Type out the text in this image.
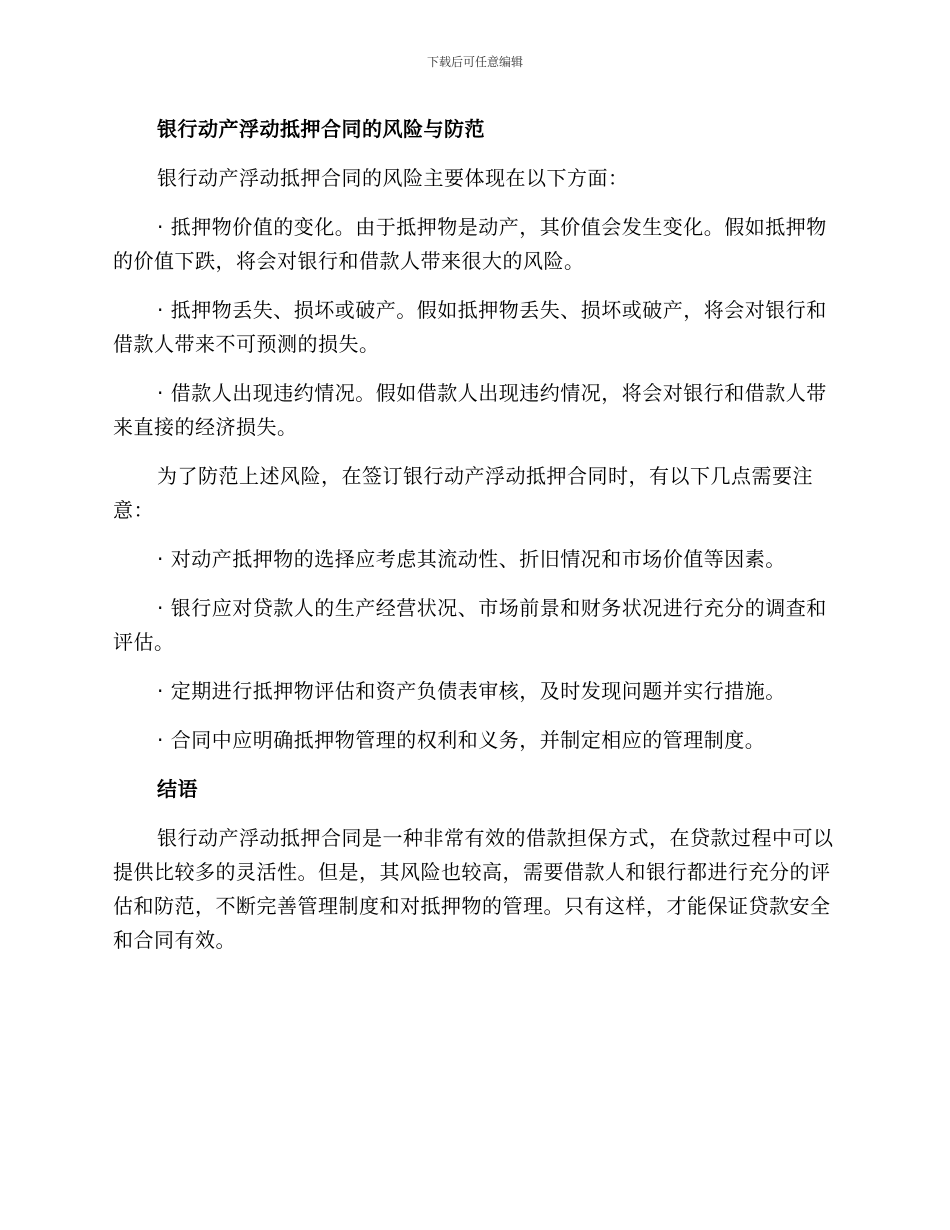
下载后可任意编辑

银行动产浮动抵押合同的风险与防范

银行动产浮动抵押合同的风险主要体现在以下方面：

· 抵押物价值的变化。由于抵押物是动产，其价值会发生变化。假如抵押物的价值下跌，将会对银行和借款人带来很大的风险。

· 抵押物丢失、损坏或破产。假如抵押物丢失、损坏或破产，将会对银行和借款人带来不可预测的损失。

· 借款人出现违约情况。假如借款人出现违约情况，将会对银行和借款人带来直接的经济损失。

为了防范上述风险，在签订银行动产浮动抵押合同时，有以下几点需要注意：

· 对动产抵押物的选择应考虑其流动性、折旧情况和市场价值等因素。

· 银行应对贷款人的生产经营状况、市场前景和财务状况进行充分的调查和评估。

· 定期进行抵押物评估和资产负债表审核，及时发现问题并实行措施。

· 合同中应明确抵押物管理的权利和义务，并制定相应的管理制度。

结语

银行动产浮动抵押合同是一种非常有效的借款担保方式，在贷款过程中可以提供比较多的灵活性。但是，其风险也较高，需要借款人和银行都进行充分的评估和防范，不断完善管理制度和对抵押物的管理。只有这样，才能保证贷款安全和合同有效。
